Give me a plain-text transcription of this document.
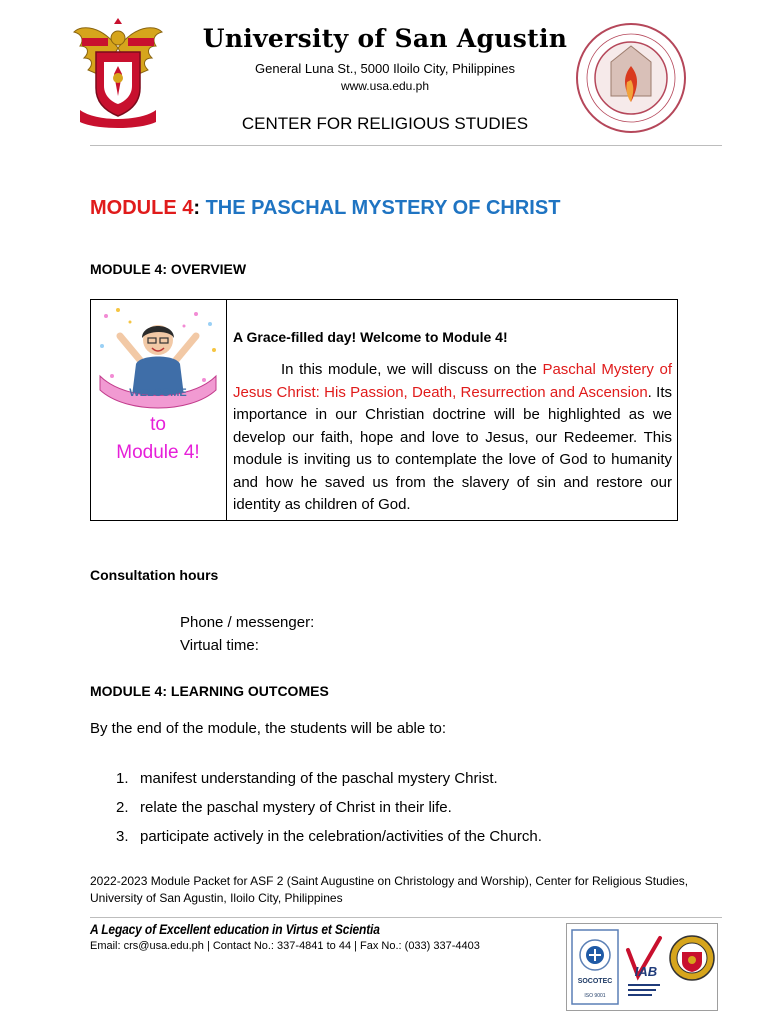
University of San Agustin
General Luna St., 5000 Iloilo City, Philippines
www.usa.edu.ph
CENTER FOR RELIGIOUS STUDIES
MODULE 4: THE PASCHAL MYSTERY OF CHRIST
MODULE 4: OVERVIEW
WELCOME
to
Module 4!
A Grace-filled day! Welcome to Module 4!
In this module, we will discuss on the Paschal Mystery of Jesus Christ: His Passion, Death, Resurrection and Ascension. Its importance in our Christian doctrine will be highlighted as we develop our faith, hope and love to Jesus, our Redeemer. This module is inviting us to contemplate the love of God to humanity and how he saved us from the slavery of sin and restore our identity as children of God.
Consultation hours
Phone / messenger:
Virtual time:
MODULE 4: LEARNING OUTCOMES
By the end of the module, the students will be able to:
1. manifest understanding of the paschal mystery Christ.
2. relate the paschal mystery of Christ in their life.
3. participate actively in the celebration/activities of the Church.
2022-2023 Module Packet for ASF 2 (Saint Augustine on Christology and Worship), Center for Religious Studies, University of San Agustin, Iloilo City, Philippines
A Legacy of Excellent education in Virtus et Scientia
Email: crs@usa.edu.ph | Contact No.: 337-4841 to 44 | Fax No.: (033) 337-4403
SOCOTEC
ISO 9001
IAB
